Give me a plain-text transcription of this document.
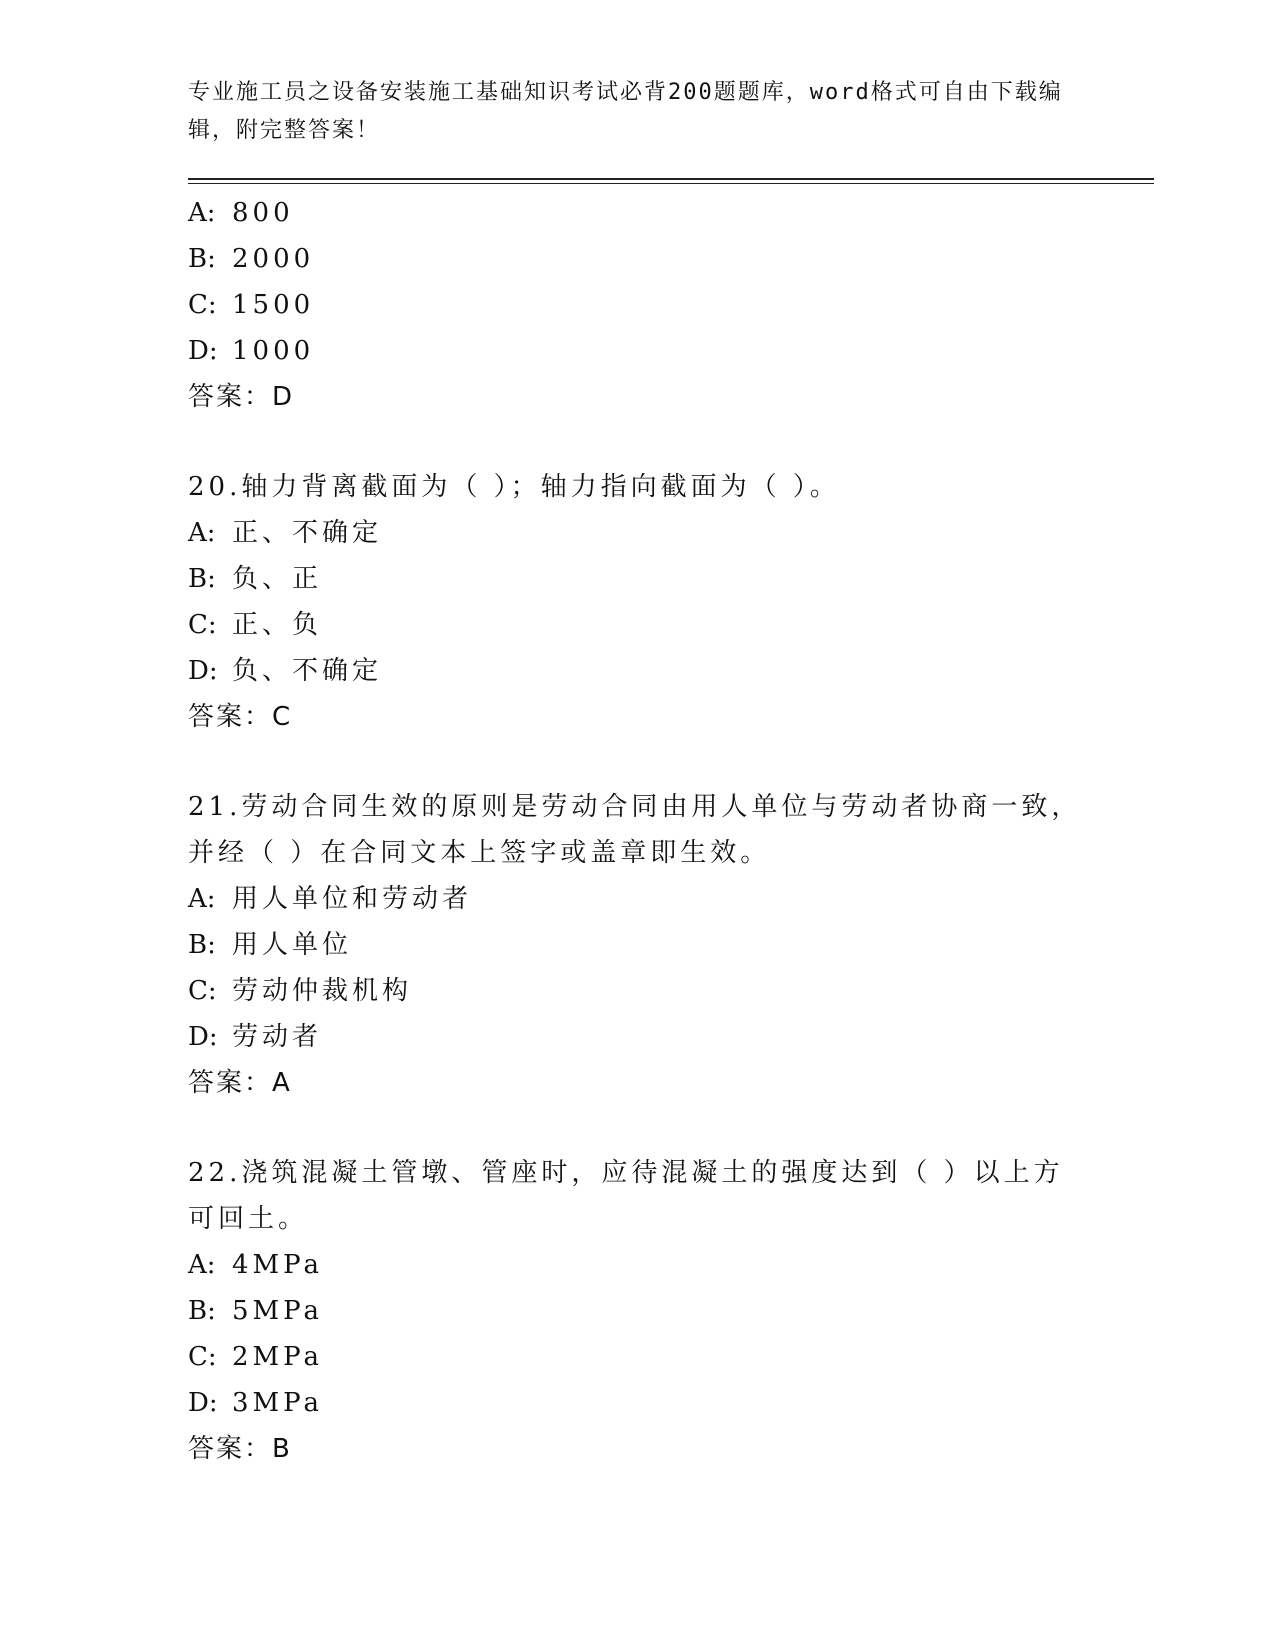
专业施工员之设备安装施工基础知识考试必背200题题库，word格式可自由下载编辑，附完整答案！
A: 800
B: 2000
C: 1500
D: 1000
答案：D
20.轴力背离截面为（ ）；轴力指向截面为（ ）。
A: 正、不确定
B: 负、正
C: 正、负
D: 负、不确定
答案：C
21.劳动合同生效的原则是劳动合同由用人单位与劳动者协商一致，并经（ ）在合同文本上签字或盖章即生效。
A: 用人单位和劳动者
B: 用人单位
C: 劳动仲裁机构
D: 劳动者
答案：A
22.浇筑混凝土管墩、管座时，应待混凝土的强度达到（ ）以上方可回土。
A: 4MPa
B: 5MPa
C: 2MPa
D: 3MPa
答案：B
